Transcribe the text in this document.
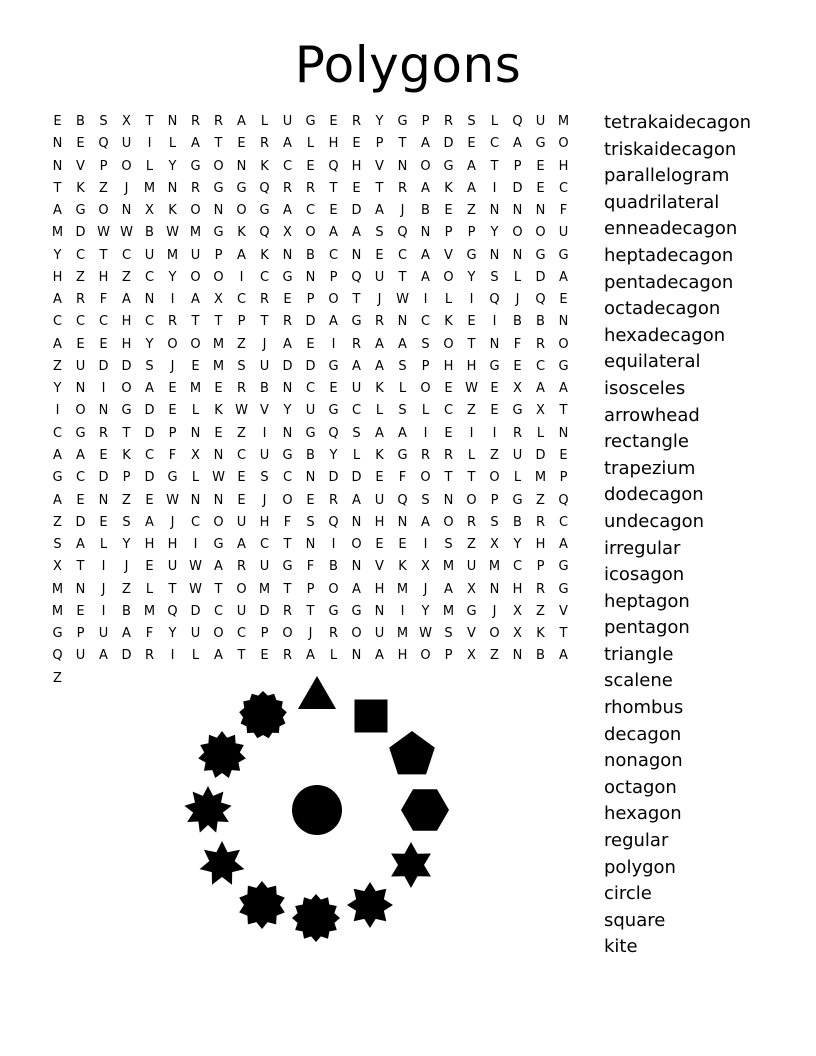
Polygons
E	B	S	X	T	N	R	R	A	L	U	G	E	R	Y	G	P	R	S	L	Q	U M
N	E	Q	U	I	L	A	T	E	R	A	L	H	E	P	T	A	D	E	C	A	G O
N	V	P	O	L	Y	G O	N	K	C	E	Q	H	V	N	O G	A	T	P	E	H
T	K	Z	J	M N	R	G G Q	R	R	T	E	T	R	A	K	A	I	D	E	C
A	G O	N	X	K	O	N	O G	A	C	E	D	A	J	B	E	Z	N	N	N	F
M D W W B W M G	K	Q	X	O	A	A	S	Q	N	P	P	Y	O O	U
Y	C	T	C	U M U	P	A	K	N	B	C	N	E	C	A	V	G	N	N	G G
H	Z	H	Z	C	Y	O O	I	C	G	N	P	Q	U	T	A	O	Y	S	L	D	A
A	R	F	A	N	I	A	X	C	R	E	P	O	T	J	W	I	L	I	Q	J	Q	E
C	C	C	H	C	R	T	T	P	T	R	D	A	G	R	N	C	K	E	I	B	B	N
A	E	E	H	Y	O O M Z	J	A	E	I	R	A	A	S	O	T	N	F	R	O
Z	U	D D	S	J	E	M	S	U	D D G	A	A	S	P	H	H	G	E	C	G
Y	N	I	O	A	E	M	E	R	B	N	C	E	U	K	L	O	E W E	X	A	A
I	O	N	G D	E	L	K W V	Y	U	G	C	L	S	L	C	Z	E	G	X	T
C	G	R	T	D	P	N	E	Z	I	N	G Q	S	A	A	I	E	I	I	R	L	N
A	A	E	K	C	F	X	N	C	U	G	B	Y	L	K	G	R	R	L	Z	U	D	E
G	C	D	P	D G	L W E	S	C	N	D D	E	F	O	T	T	O	L	M	P
A	E	N	Z	E W N	N	E	J	O	E	R	A	U	Q	S	N	O	P	G	Z	Q
Z	D	E	S	A	J	C	O	U	H	F	S	Q	N	H	N	A	O	R	S	B	R	C
S	A	L	Y	H	H	I	G	A	C	T	N	I	O	E	E	I	S	Z	X	Y	H	A
X	T	I	J	E	U W A	R	U	G	F	B	N	V	K	X M U M C	P	G
M N	J	Z	L	T W T	O M	T	P	O	A	H M	J	A	X	N	H	R	G
M	E	I	B M Q D	C	U	D	R	T	G G	N	I	Y	M G	J	X	Z	V
G	P	U	A	F	Y	U	O	C	P	O	J	R	O	U M W S	V	O	X	K	T
Q	U	A	D	R	I	L	A	T	E	R	A	L	N	A	H O	P	X	Z	N	B	A
Z
tetrakaidecagon
triskaidecagon
parallelogram
quadrilateral
enneadecagon
heptadecagon
pentadecagon
octadecagon
hexadecagon
equilateral
isosceles
arrowhead
rectangle
trapezium
dodecagon
undecagon
irregular
icosagon
heptagon
pentagon
triangle
scalene
rhombus
decagon
nonagon
octagon
hexagon
regular
polygon
circle
square
kite
